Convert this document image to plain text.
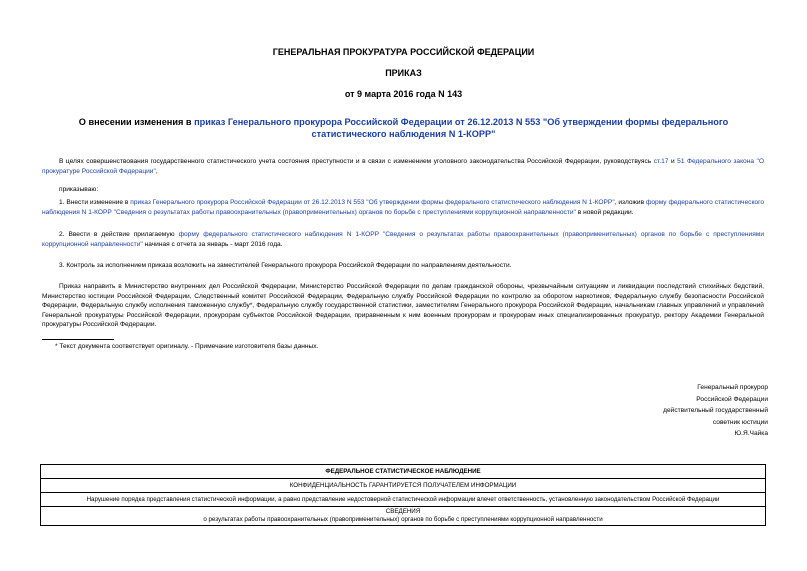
ГЕНЕРАЛЬНАЯ ПРОКУРАТУРА РОССИЙСКОЙ ФЕДЕРАЦИИ
ПРИКАЗ
от 9 марта 2016 года N 143
О внесении изменения в приказ Генерального прокурора Российской Федерации от 26.12.2013 N 553 "Об утверждении формы федерального статистического наблюдения N 1-КОРР"
В целях совершенствования государственного статистического учета состояния преступности и в связи с изменением уголовного законодательства Российской Федерации, руководствуясь ст.17 и 51 Федерального закона "О прокуратуре Российской Федерации",
приказываю:
1. Внести изменение в приказ Генерального прокурора Российской Федерации от 26.12.2013 N 553 "Об утверждении формы федерального статистического наблюдения N 1-КОРР", изложив форму федерального статистического наблюдения N 1-КОРР "Сведения о результатах работы правоохранительных (правоприменительных) органов по борьбе с преступлениями коррупционной направленности" в новой редакции.
2. Ввести в действие прилагаемую форму федерального статистического наблюдения N 1-КОРР "Сведения о результатах работы правоохранительных (правоприменительных) органов по борьбе с преступлениями коррупционной направленности" начиная с отчета за январь - март 2016 года.
3. Контроль за исполнением приказа возложить на заместителей Генерального прокурора Российской Федерации по направлениям деятельности.
Приказ направить в Министерство внутренних дел Российской Федерации, Министерство Российской Федерации по делам гражданской обороны, чрезвычайным ситуациям и ликвидации последствий стихийных бедствий, Министерство юстиции Российской Федерации, Следственный комитет Российской Федерации, Федеральную службу Российской Федерации по контролю за оборотом наркотиков, Федеральную службу безопасности Российской Федерации, Федеральную службу исполнения таможенную службу*, Федеральную службу государственной статистики, заместителям Генерального прокурора Российской Федерации, начальникам главных управлений и управлений Генеральной прокуратуры Российской Федерации, прокурорам субъектов Российской Федерации, приравненным к ним военным прокурорам и прокурорам иных специализированных прокуратур, ректору Академии Генеральной прокуратуры Российской Федерации.
* Текст документа соответствует оригиналу. - Примечание изготовителя базы данных.
Генеральный прокурор
Российской Федерации
действительный государственный
советник юстиции
Ю.Я.Чайка
ФЕДЕРАЛЬНОЕ СТАТИСТИЧЕСКОЕ НАБЛЮДЕНИЕ
КОНФИДЕНЦИАЛЬНОСТЬ ГАРАНТИРУЕТСЯ ПОЛУЧАТЕЛЕМ ИНФОРМАЦИИ
Нарушение порядка представления статистической информации, а равно представление недостоверной статистической информации влечет ответственность, установленную законодательством Российской Федерации

СВЕДЕНИЯ
о результатах работы правоохранительных (правоприменительных) органов по борьбе с преступлениями коррупционной направленности
